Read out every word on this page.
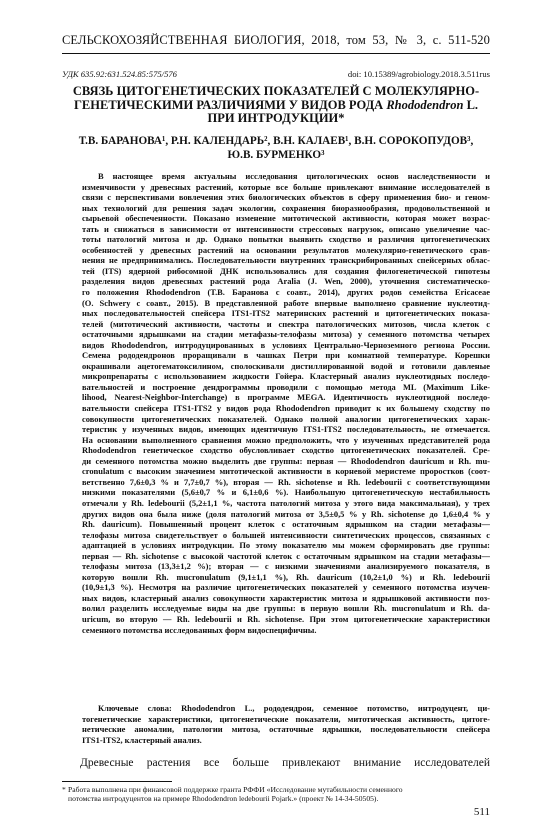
СЕЛЬСКОХОЗЯЙСТВЕННАЯ БИОЛОГИЯ, 2018, том 53, № 3, с. 511-520
УДК 635.92:631.524.85:575/576	doi: 10.15389/agrobiology.2018.3.511rus
СВЯЗЬ ЦИТОГЕНЕТИЧЕСКИХ ПОКАЗАТЕЛЕЙ С МОЛЕКУЛЯРНО-
ГЕНЕТИЧЕСКИМИ РАЗЛИЧИЯМИ У ВИДОВ РОДА Rhododendron L.
ПРИ ИНТРОДУКЦИИ*
Т.В. БАРАНОВА¹, Р.Н. КАЛЕНДАРЬ², В.Н. КАЛАЕВ¹, В.Н. СОРОКОПУДОВ³,
Ю.В. БУРМЕНКО³
В настоящее время актуальны исследования цитологических основ наследственности и
изменчивости у древесных растений, которые все больше привлекают внимание исследователей в
связи с перспективами вовлечения этих биологических объектов в сферу применения био- и геном-
ных технологий для решения задач экологии, сохранения биоразнообразия, продовольственной и
сырьевой обеспеченности. Показано изменение митотической активности, которая может возрас-
тать и снижаться в зависимости от интенсивности стрессовых нагрузок, описано увеличение час-
тоты патологий митоза и др. Однако попытки выявить сходство и различия цитогенетических
особенностей у древесных растений на основании результатов молекулярно-генетического срав-
нения не предпринимались. Последовательности внутренних транскрибированных спейсерных облас-
тей (ITS) ядерной рибосомной ДНК использовались для создания филогенетической гипотезы
разделения видов древесных растений рода Aralia (J. Wen, 2000), уточнения систематическо-
го положения Rhododendron (Т.В. Баранова с соавт., 2014), других родов семейства Ericaceae
(O. Schwery с соавт., 2015). В представленной работе впервые выполнено сравнение нуклеотид-
ных последовательностей спейсера ITS1-ITS2 материнских растений и цитогенетических показа-
телей (митотический активности, частоты и спектра патологических митозов, числа клеток с
остаточными ядрышками на стадии метафазы-телофазы митоза) у семенного потомства четырех
видов Rhododendron, интродуцированных в условиях Центрально-Черноземного региона России.
Семена рододендронов проращивали в чашках Петри при комнатной температуре. Корешки
окрашивали ацетогематоксилином, сполоскивали дистиллированной водой и готовили давленые
микропрепараты с использованием жидкости Гойера. Кластерный анализ нуклеотидных последо-
вательностей и построение дендрограммы проводили с помощью метода ML (Maximum Like-
lihood, Nearest-Neighbor-Interchange) в программе MEGA. Идентичность нуклеотидной последо-
вательности спейсера ITS1-ITS2 у видов рода Rhododendron приводит к их большему сходству по
совокупности цитогенетических показателей. Однако полной аналогии цитогенетических харак-
теристик у изученных видов, имеющих идентичную ITS1-ITS2 последовательность, не отмечается.
На основании выполненного сравнения можно предположить, что у изученных представителей рода
Rhododendron генетическое сходство обусловливает сходство цитогенетических показателей. Сре-
ди семенного потомства можно выделить две группы: первая — Rhododendron dauricum и Rh. mu-
cronulatum с высоким значением митотической активности в корневой меристеме проростков (соот-
ветственно 7,6±0,3 % и 7,7±0,7 %), вторая — Rh. sichotense и Rh. ledebourii с соответствующими
низкими показателями (5,6±0,7 % и 6,1±0,6 %). Наибольшую цитогенетическую нестабильность
отмечали у Rh. ledebourii (5,2±1,1 %, частота патологий митоза у этого вида максимальная), у трех
других видов она была ниже (доля патологий митоза от 3,5±0,5 % у Rh. sichotense до 1,6±0,4 % у
Rh. dauricum). Повышенный процент клеток с остаточным ядрышком на стадии метафазы—
телофазы митоза свидетельствует о большей интенсивности синтетических процессов, связанных с
адаптацией в условиях интродукции. По этому показателю мы можем сформировать две группы:
первая — Rh. sichotense с высокой частотой клеток с остаточным ядрышком на стадии метафазы—
телофазы митоза (13,3±1,2 %); вторая — с низкими значениями анализируемого показателя, в
которую вошли Rh. mucronulatum (9,1±1,1 %), Rh. dauricum (10,2±1,0 %) и Rh. ledebourii
(10,9±1,3 %). Несмотря на различие цитогенетических показателей у семенного потомства изучен-
ных видов, кластерный анализ совокупности характеристик митоза и ядрышковой активности поз-
волил разделить исследуемые виды на две группы: в первую вошли Rh. mucronulatum и Rh. da-
uricum, во вторую — Rh. ledebourii и Rh. sichotense. При этом цитогенетические характеристики
семенного потомства исследованных форм видоспецифичны.
Ключевые слова: Rhododendron L., рододендрон, семенное потомство, интродуцент, ци-
тогенетические характеристики, цитогенетические показатели, митотическая активность, цитоге-
нетические аномалии, патологии митоза, остаточные ядрышки, последовательности спейсера
ITS1-ITS2, кластерный анализ.
Древесные растения все больше привлекают внимание исследователей
* Работа выполнена при финансовой поддержке гранта РФФИ «Исследование мутабильности семенного
потомства интродуцентов на примере Rhododendron ledebourii Pojark.» (проект № 14-34-50505).
511
